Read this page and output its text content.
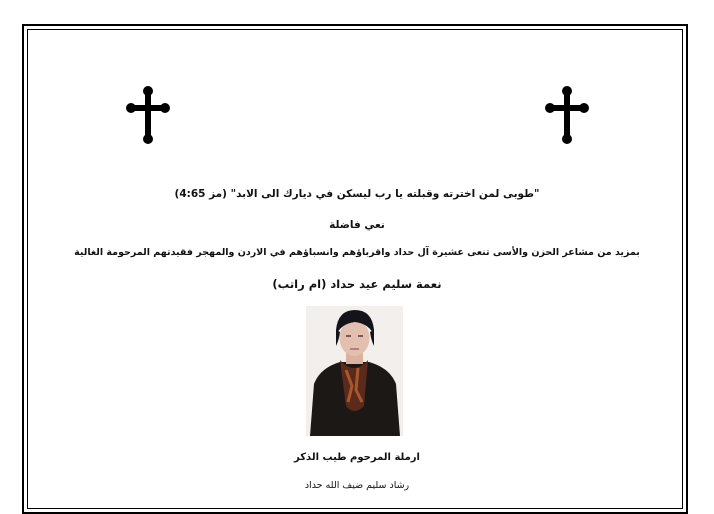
"طوبى لمن اخترته وقبلته يا رب ليسكن في ديارك الى الابد" (مز 4:65)
نعي فاضلة
بمزيد من مشاعر الحزن والأسى تنعى عشيرة آل حداد واقرباؤهم وانسباؤهم في الاردن والمهجر فقيدتهم المرحومة الغالية
نعمة سليم عيد حداد (ام راتب)
ارملة المرحوم طيب الذكر
رشاد سليم ضيف الله حداد
